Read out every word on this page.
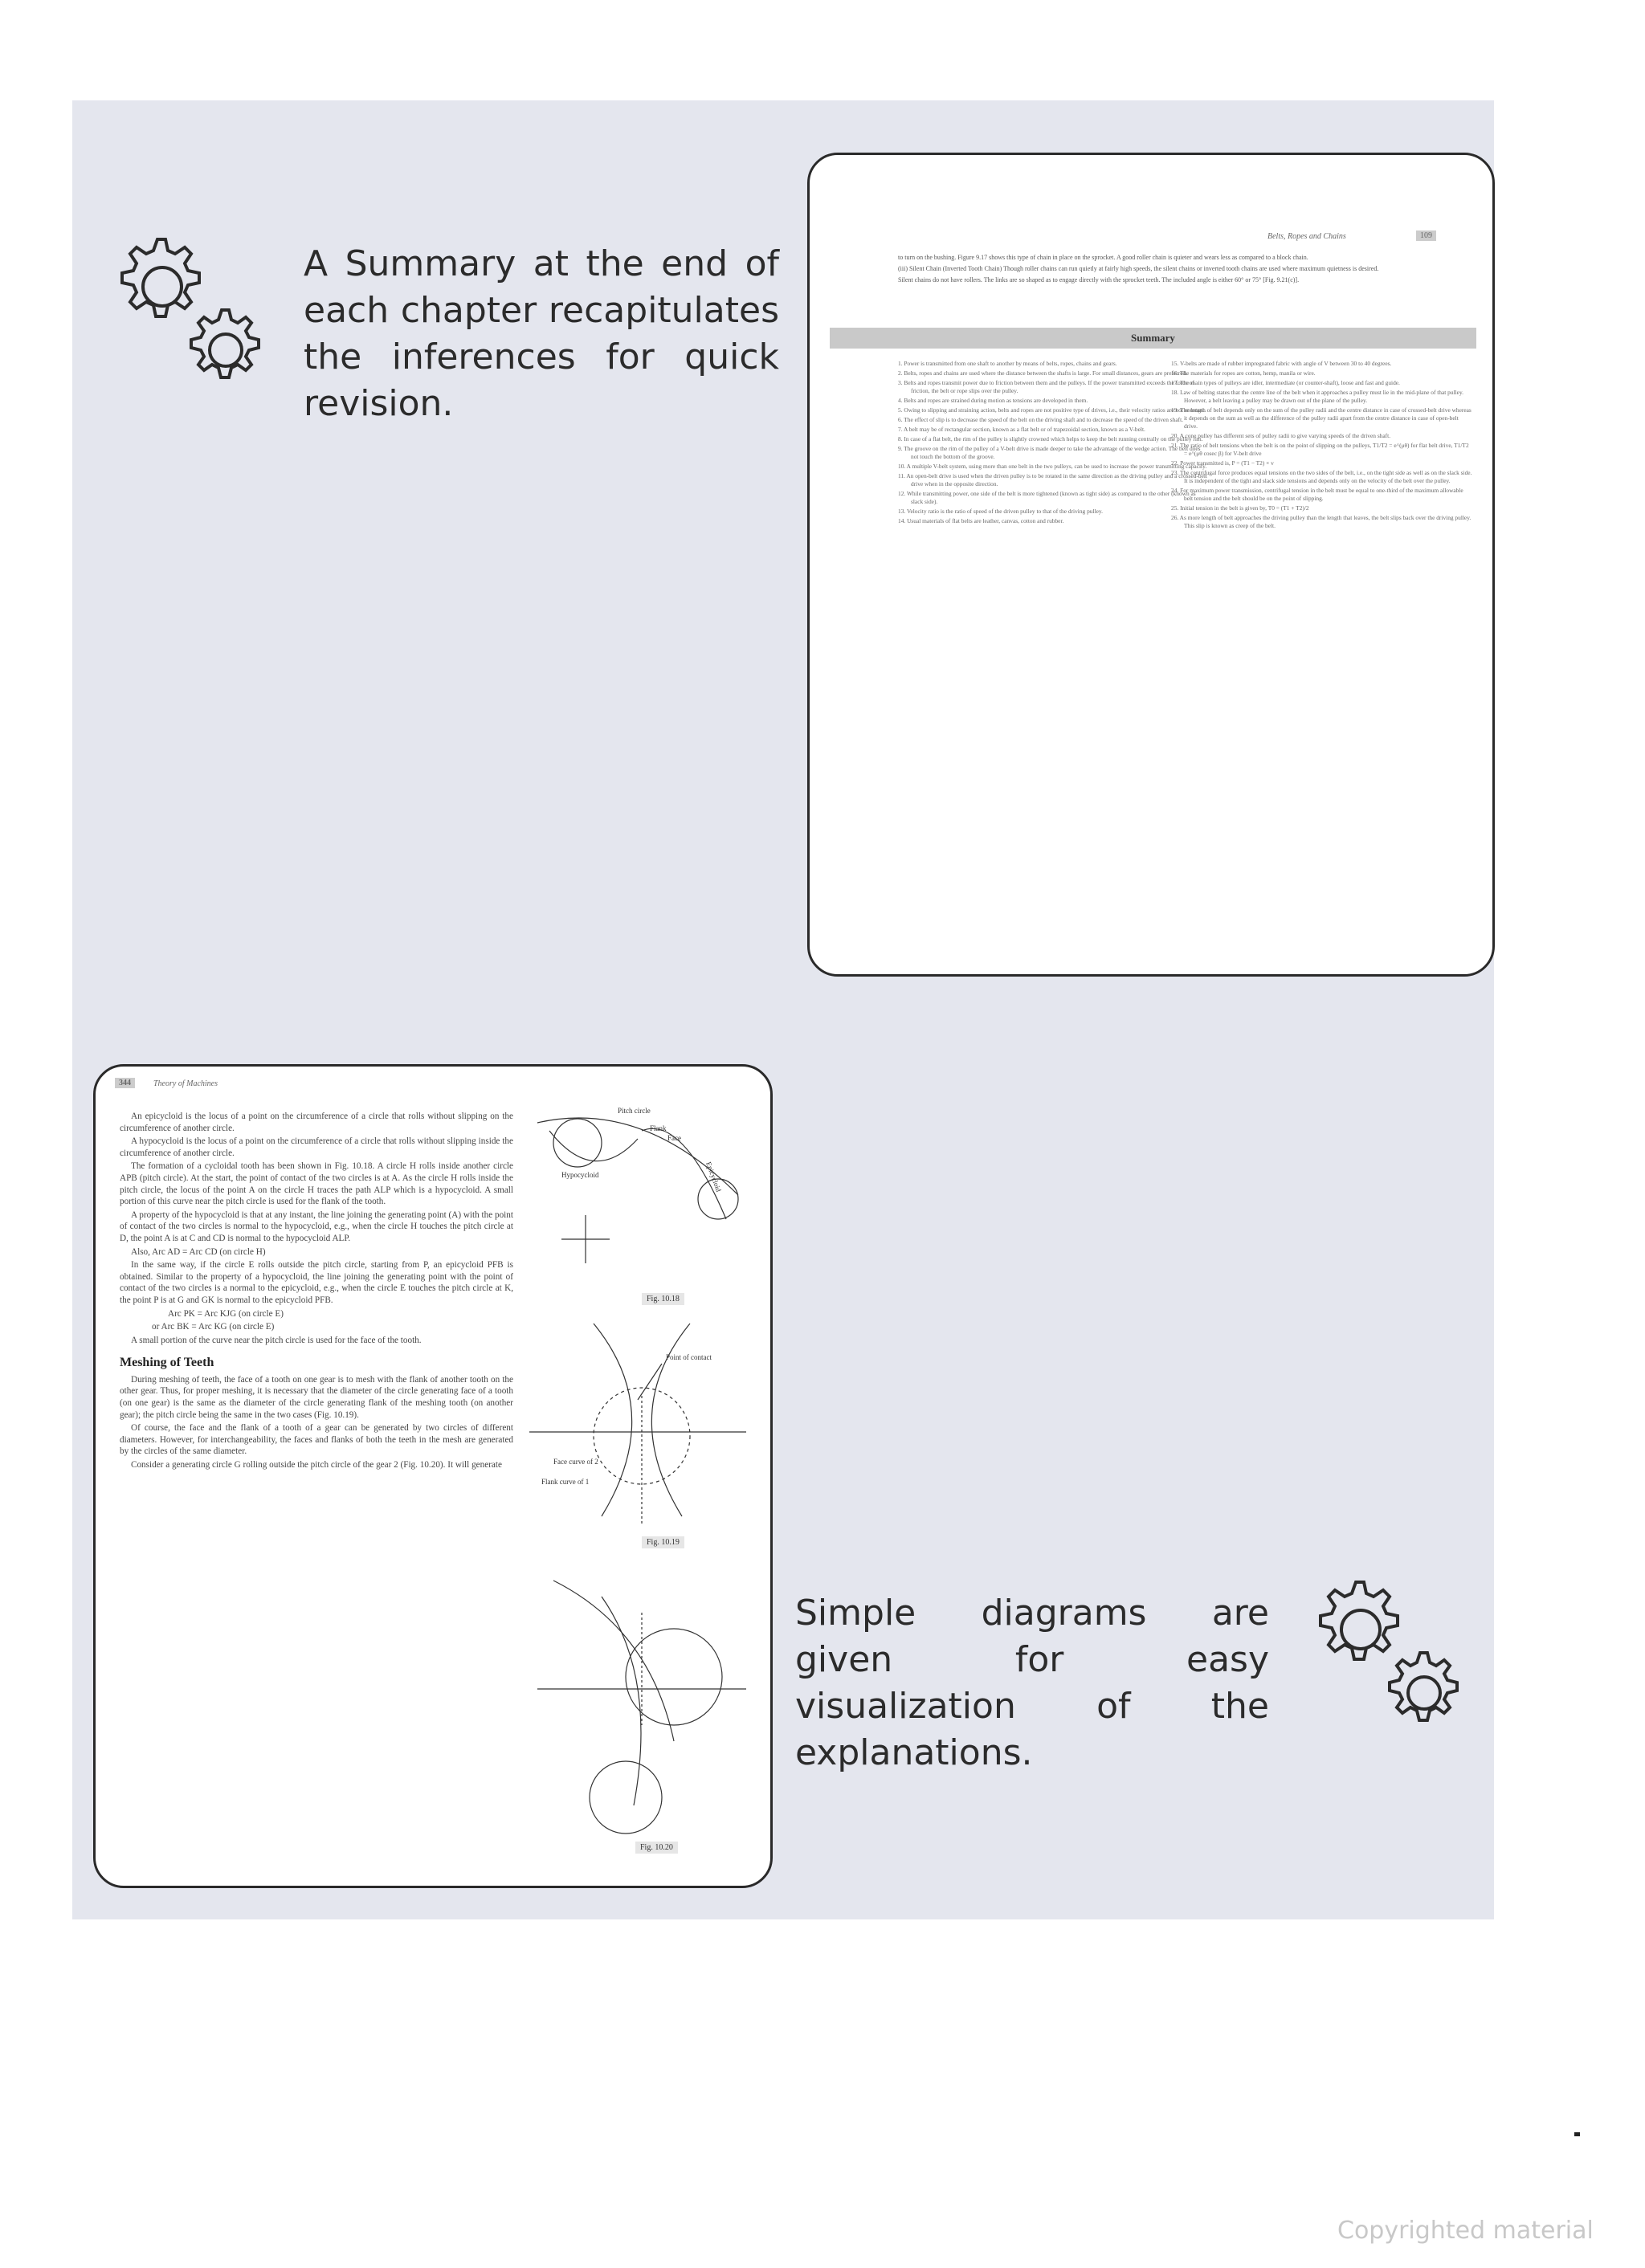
A Summary at the end of each chapter recapitulates the inferences for quick revision.
Belts, Ropes and Chains	109
to turn on the bushing. Figure 9.17 shows this type of chain in place on the sprocket. A good roller chain is quieter and wears less as compared to a block chain.
(iii) Silent Chain (Inverted Tooth Chain) Though roller chains can run quietly at fairly high speeds, the silent chains or inverted tooth chains are used where maximum quietness is desired.
Silent chains do not have rollers. The links are so shaped as to engage directly with the sprocket teeth. The included angle is either 60° or 75° [Fig. 9.21(c)].
Summary
1. Power is transmitted from one shaft to another by means of belts, ropes, chains and gears.
2. Belts, ropes and chains are used where the distance between the shafts is large. For small distances, gears are preferred.
3. Belts and ropes transmit power due to friction between them and the pulleys. If the power transmitted exceeds the force of friction, the belt or rope slips over the pulley.
4. Belts and ropes are strained during motion as tensions are developed in them.
5. Owing to slipping and straining action, belts and ropes are not positive type of drives, i.e., their velocity ratios are not constant.
6. The effect of slip is to decrease the speed of the belt on the driving shaft and to decrease the speed of the driven shaft.
7. A belt may be of rectangular section, known as a flat belt or of trapezoidal section, known as a V-belt.
8. In case of a flat belt, the rim of the pulley is slightly crowned which helps to keep the belt running centrally on the pulley rim.
9. The groove on the rim of the pulley of a V-belt drive is made deeper to take the advantage of the wedge action. The belt does not touch the bottom of the groove.
10. A multiple V-belt system, using more than one belt in the two pulleys, can be used to increase the power transmitting capacity.
11. An open-belt drive is used when the driven pulley is to be rotated in the same direction as the driving pulley and a crossed-belt drive when in the opposite direction.
12. While transmitting power, one side of the belt is more tightened (known as tight side) as compared to the other (known as slack side).
13. Velocity ratio is the ratio of speed of the driven pulley to that of the driving pulley.
14. Usual materials of flat belts are leather, canvas, cotton and rubber.
15. V-belts are made of rubber impregnated fabric with angle of V between 30 to 40 degrees.
16. The materials for ropes are cotton, hemp, manila or wire.
17. The main types of pulleys are idler, intermediate (or counter-shaft), loose and fast and guide.
18. Law of belting states that the centre line of the belt when it approaches a pulley must lie in the mid-plane of that pulley. However, a belt leaving a pulley may be drawn out of the plane of the pulley.
19. The length of belt depends only on the sum of the pulley radii and the centre distance in case of crossed-belt drive whereas it depends on the sum as well as the difference of the pulley radii apart from the centre distance in case of open-belt drive.
20. A cone pulley has different sets of pulley radii to give varying speeds of the driven shaft.
21. The ratio of belt tensions when the belt is on the point of slipping on the pulleys, T1/T2 = e^(μθ) for flat belt drive, T1/T2 = e^(μθ cosec β) for V-belt drive
22. Power transmitted is, P = (T1 − T2) × v
23. The centrifugal force produces equal tensions on the two sides of the belt, i.e., on the tight side as well as on the slack side. It is independent of the tight and slack side tensions and depends only on the velocity of the belt over the pulley.
24. For maximum power transmission, centrifugal tension in the belt must be equal to one-third of the maximum allowable belt tension and the belt should be on the point of slipping.
25. Initial tension in the belt is given by, T0 = (T1 + T2)/2
26. As more length of belt approaches the driving pulley than the length that leaves, the belt slips back over the driving pulley. This slip is known as creep of the belt.
344	Theory of Machines

An epicycloid is the locus of a point on the circumference of a circle that rolls without slipping on the circumference of another circle.

A hypocycloid is the locus of a point on the circumference of a circle that rolls without slipping inside the circumference of another circle.

The formation of a cycloidal tooth has been shown in Fig. 10.18. A circle H rolls inside another circle APB (pitch circle). At the start, the point of contact of the two circles is at A. As the circle H rolls inside the pitch circle, the locus of the point A on the circle H traces the path ALP which is a hypocycloid. A small portion of this curve near the pitch circle is used for the flank of the tooth.

A property of the hypocycloid is that at any instant, the line joining the generating point (A) with the point of contact of the two circles is normal to the hypocycloid, e.g., when the circle H touches the pitch circle at D, the point A is at C and CD is normal to the hypocycloid ALP.

Also, Arc AD = Arc CD (on circle H)

In the same way, if the circle E rolls outside the pitch circle, starting from P, an epicycloid PFB is obtained. Similar to the property of a hypocycloid, the line joining the generating point with the point of contact of the two circles is a normal to the epicycloid, e.g., when the circle E touches the pitch circle at K, the point P is at G and GK is normal to the epicycloid PFB.

Arc PK = Arc KJG (on circle E)

or Arc BK = Arc KG (on circle E)

A small portion of the curve near the pitch circle is used for the face of the tooth.

Meshing of Teeth

During meshing of teeth, the face of a tooth on one gear is to mesh with the flank of another tooth on the other gear. Thus, for proper meshing, it is necessary that the diameter of the circle generating face of a tooth (on one gear) is the same as the diameter of the circle generating flank of the meshing tooth (on another gear); the pitch circle being the same in the two cases (Fig. 10.19).

Of course, the face and the flank of a tooth of a gear can be generated by two circles of different diameters. However, for interchangeability, the faces and flanks of both the teeth in the mesh are generated by the circles of the same diameter.

Consider a generating circle G rolling outside the pitch circle of the gear 2 (Fig. 10.20). It will generate

Pitch circle
Flank
Face
Hypocycloid	Epicycloid
Fig. 10.18
Point of contact
Face curve of 2
Flank curve of 1
Fig. 10.19
Fig. 10.20
Simple diagrams are given for easy visualization of the explanations.
Copyrighted material
